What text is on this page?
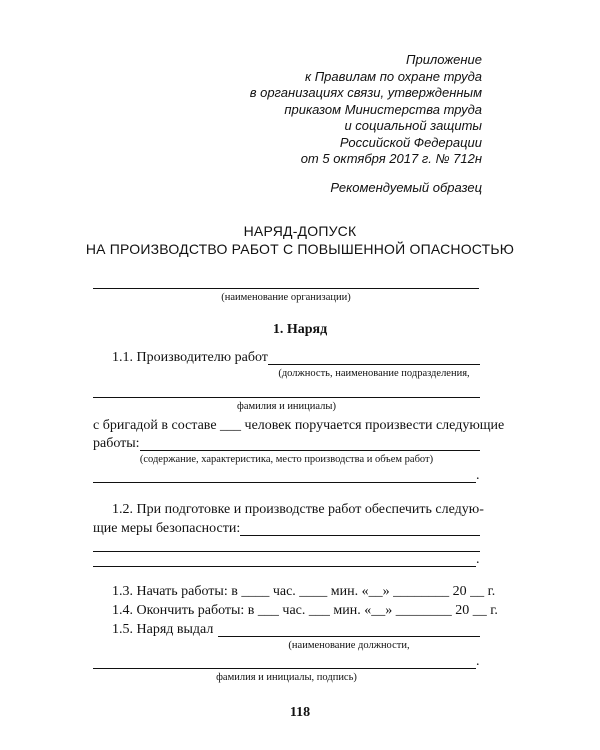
Приложение
к Правилам по охране труда
в организациях связи, утвержденным
приказом Министерства труда
и социальной защиты
Российской Федерации
от 5 октября 2017 г. № 712н
Рекомендуемый образец
НАРЯД-ДОПУСК
НА ПРОИЗВОДСТВО РАБОТ С ПОВЫШЕННОЙ ОПАСНОСТЬЮ
(наименование организации)
1. Наряд
1.1. Производителю работ
(должность, наименование подразделения,
фамилия и инициалы)
с бригадой в составе ___ человек поручается произвести следующие
работы:
(содержание, характеристика, место производства и объем работ)
.
1.2. При подготовке и производстве работ обеспечить следую-
щие меры безопасности:
.
1.3. Начать работы: в ____ час. ____ мин. «__» ________ 20 __ г.
1.4. Окончить работы: в ___ час. ___ мин. «__» ________ 20 __ г.
1.5. Наряд выдал
(наименование должности,
.
фамилия и инициалы, подпись)
118
